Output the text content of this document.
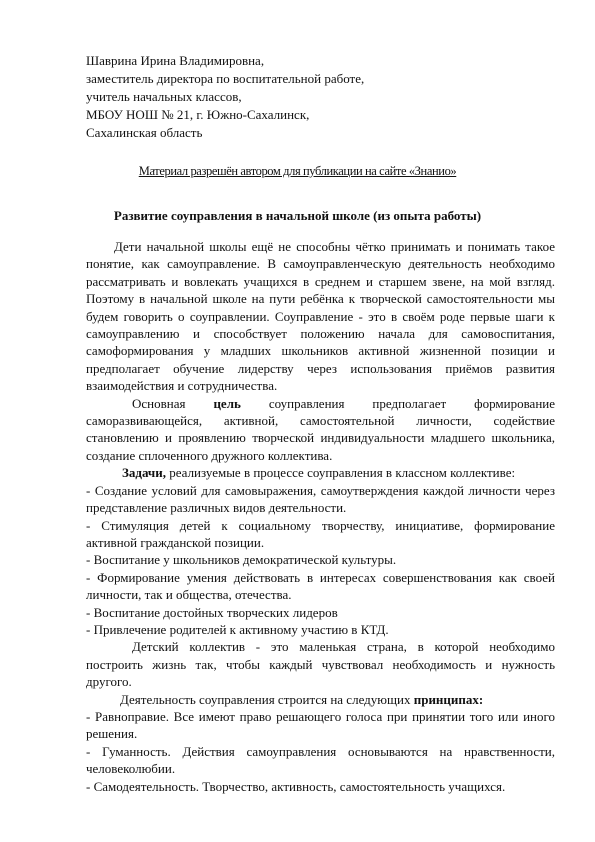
Шаврина Ирина Владимировна,
заместитель директора по воспитательной работе,
учитель начальных классов,
МБОУ НОШ № 21, г. Южно-Сахалинск,
Сахалинская область
Материал разрешён автором для публикации на сайте «Знанио»
Развитие соуправления в начальной школе (из опыта работы)

Дети начальной школы ещё не способны чётко принимать и понимать такое понятие, как самоуправление. В самоуправленческую деятельность необходимо рассматривать и вовлекать учащихся в среднем и старшем звене, на мой взгляд. Поэтому в начальной школе на пути ребёнка к творческой самостоятельности мы будем говорить о соуправлении. Соуправление - это в своём роде первые шаги к самоуправлению и способствует положению начала для самовоспитания, самоформирования у младших школьников активной жизненной позиции и предполагает обучение лидерству через использования приёмов развития взаимодействия и сотрудничества.

Основная цель соуправления предполагает формирование саморазвивающейся, активной, самостоятельной личности, содействие становлению и проявлению творческой индивидуальности младшего школьника, создание сплоченного дружного коллектива.

Задачи, реализуемые в процессе соуправления в классном коллективе:

- Создание условий для самовыражения, самоутверждения каждой личности через представление различных видов деятельности.

- Стимуляция детей к социальному творчеству, инициативе, формирование активной гражданской позиции.

- Воспитание у школьников демократической культуры.

- Формирование умения действовать в интересах совершенствования как своей личности, так и общества, отечества.

- Воспитание достойных творческих лидеров

- Привлечение родителей к активному участию в КТД.

Детский коллектив - это маленькая страна, в которой необходимо построить жизнь так, чтобы каждый чувствовал необходимость и нужность другого.

Деятельность соуправления строится на следующих принципах:

- Равноправие. Все имеют право решающего голоса при принятии того или иного решения.

- Гуманность. Действия самоуправления основываются на нравственности, человеколюбии.

- Самодеятельность. Творчество, активность, самостоятельность учащихся.
